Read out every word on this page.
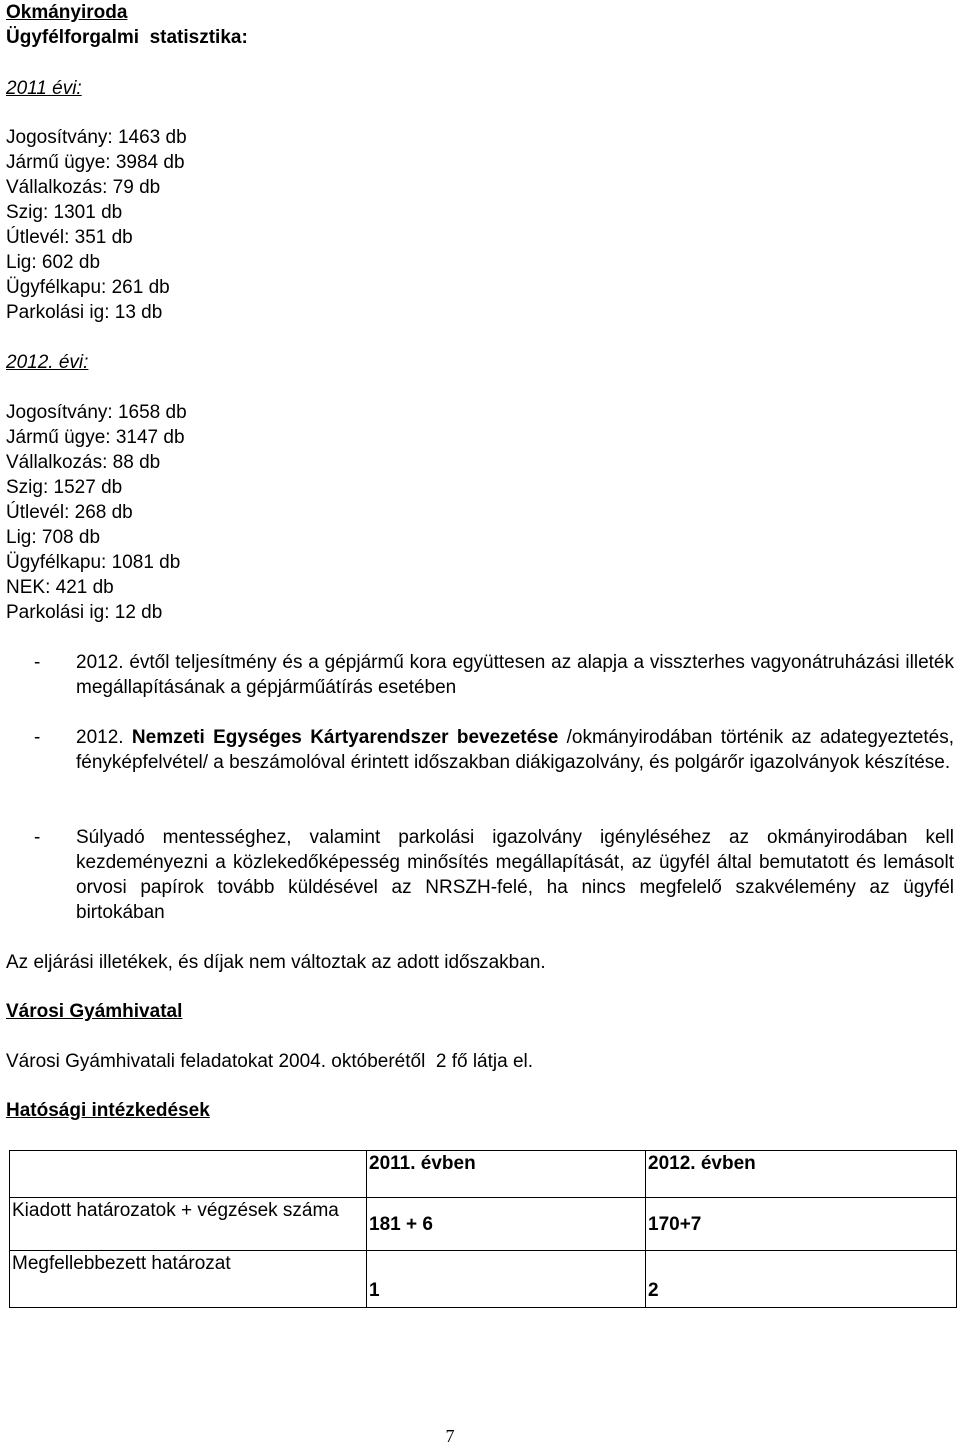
Okmányiroda
Ügyfélforgalmi  statisztika:
2011 évi:
Jogosítvány: 1463 db
Jármű ügye: 3984 db
Vállalkozás: 79 db
Szig: 1301 db
Útlevél: 351 db
Lig: 602 db
Ügyfélkapu: 261 db
Parkolási ig: 13 db
2012. évi:
Jogosítvány: 1658 db
Jármű ügye: 3147 db
Vállalkozás: 88 db
Szig: 1527 db
Útlevél: 268 db
Lig: 708 db
Ügyfélkapu: 1081 db
NEK: 421 db
Parkolási ig: 12 db
- 2012. évtől teljesítmény és a gépjármű kora együttesen az alapja a visszterhes vagyonátruházási illeték megállapításának a gépjárműátírás esetében
- 2012. Nemzeti Egységes Kártyarendszer bevezetése /okmányirodában történik az adategyeztetés, fényképfelvétel/ a beszámolóval érintett időszakban diákigazolvány, és polgárőr igazolványok készítése.
- Súlyadó mentességhez, valamint parkolási igazolvány igényléséhez az okmányirodában kell kezdeményezni a közlekedőképesség minősítés megállapítását, az ügyfél által bemutatott és lemásolt orvosi papírok tovább küldésével az NRSZH-felé, ha nincs megfelelő szakvélemény az ügyfél birtokában
Az eljárási illetékek, és díjak nem változtak az adott időszakban.
Városi Gyámhivatal
Városi Gyámhivatali feladatokat 2004. októberétől  2 fő látja el.
Hatósági intézkedések
	2011. évben	2012. évben
Kiadott határozatok + végzések száma	181 + 6	170+7
Megfellebbezett határozat	1	2
7
